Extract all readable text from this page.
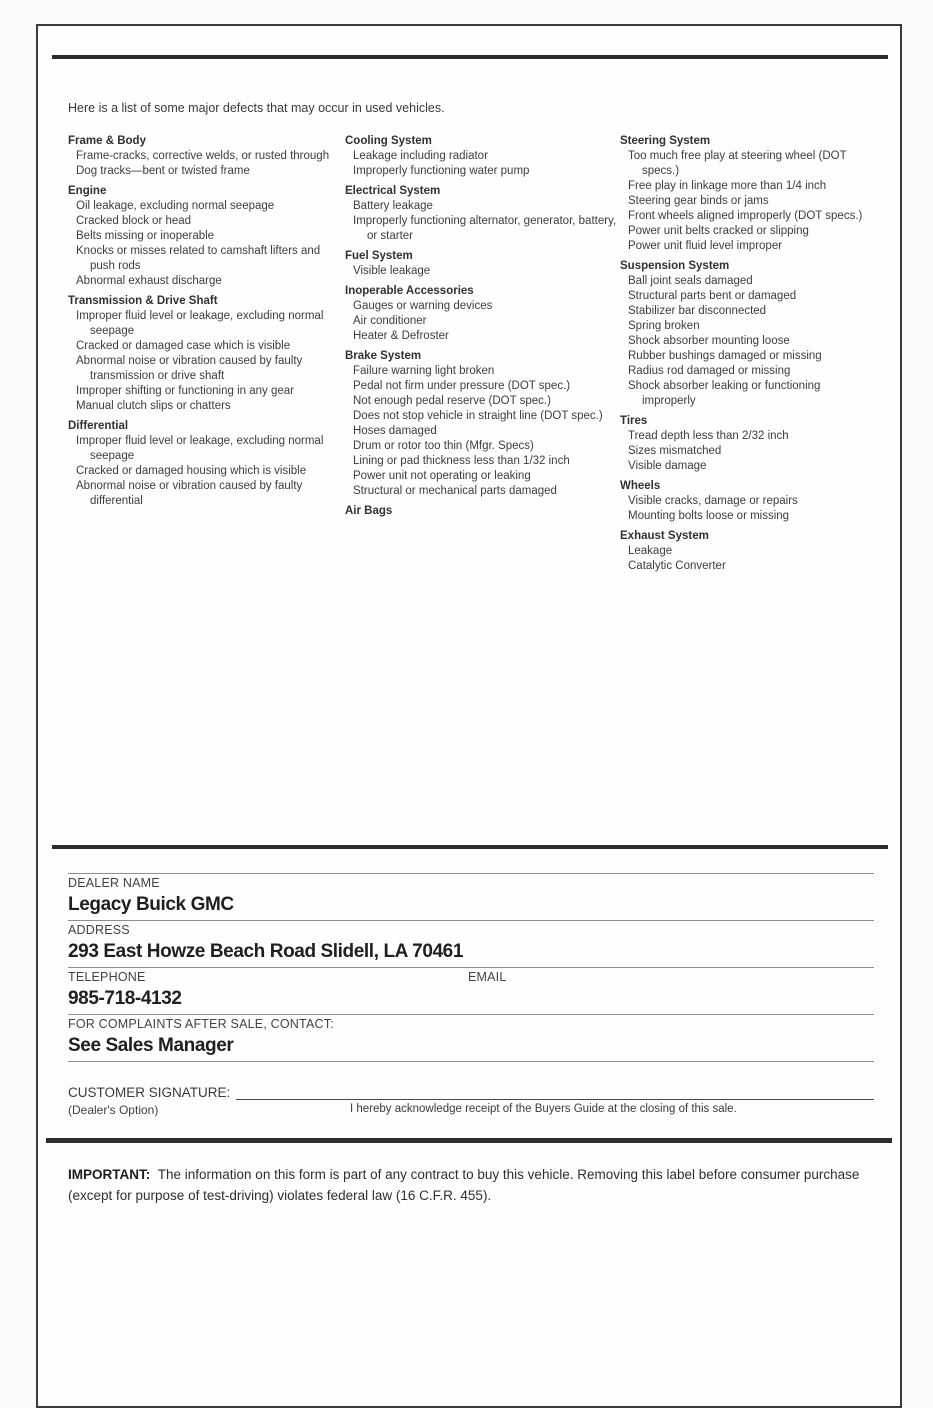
Here is a list of some major defects that may occur in used vehicles.

Frame & Body
Frame-cracks, corrective welds, or rusted through
Dog tracks—bent or twisted frame
Engine
Oil leakage, excluding normal seepage
Cracked block or head
Belts missing or inoperable
Knocks or misses related to camshaft lifters and push rods
Abnormal exhaust discharge
Transmission & Drive Shaft
Improper fluid level or leakage, excluding normal seepage
Cracked or damaged case which is visible
Abnormal noise or vibration caused by faulty transmission or drive shaft
Improper shifting or functioning in any gear
Manual clutch slips or chatters
Differential
Improper fluid level or leakage, excluding normal seepage
Cracked or damaged housing which is visible
Abnormal noise or vibration caused by faulty differential
Cooling System
Leakage including radiator
Improperly functioning water pump
Electrical System
Battery leakage
Improperly functioning alternator, generator, battery, or starter
Fuel System
Visible leakage
Inoperable Accessories
Gauges or warning devices
Air conditioner
Heater & Defroster
Brake System
Failure warning light broken
Pedal not firm under pressure (DOT spec.)
Not enough pedal reserve (DOT spec.)
Does not stop vehicle in straight line (DOT spec.)
Hoses damaged
Drum or rotor too thin (Mfgr. Specs)
Lining or pad thickness less than 1/32 inch
Power unit not operating or leaking
Structural or mechanical parts damaged
Air Bags
Steering System
Too much free play at steering wheel (DOT specs.)
Free play in linkage more than 1/4 inch
Steering gear binds or jams
Front wheels aligned improperly (DOT specs.)
Power unit belts cracked or slipping
Power unit fluid level improper
Suspension System
Ball joint seals damaged
Structural parts bent or damaged
Stabilizer bar disconnected
Spring broken
Shock absorber mounting loose
Rubber bushings damaged or missing
Radius rod damaged or missing
Shock absorber leaking or functioning improperly
Tires
Tread depth less than 2/32 inch
Sizes mismatched
Visible damage
Wheels
Visible cracks, damage or repairs
Mounting bolts loose or missing
Exhaust System
Leakage
Catalytic Converter
DEALER NAME
Legacy Buick GMC
ADDRESS
293 East Howze Beach Road Slidell, LA 70461
TELEPHONE	EMAIL
985-718-4132
FOR COMPLAINTS AFTER SALE, CONTACT:
See Sales Manager
CUSTOMER SIGNATURE:
(Dealer's Option)	I hereby acknowledge receipt of the Buyers Guide at the closing of this sale.

IMPORTANT: The information on this form is part of any contract to buy this vehicle. Removing this label before consumer purchase (except for purpose of test-driving) violates federal law (16 C.F.R. 455).
